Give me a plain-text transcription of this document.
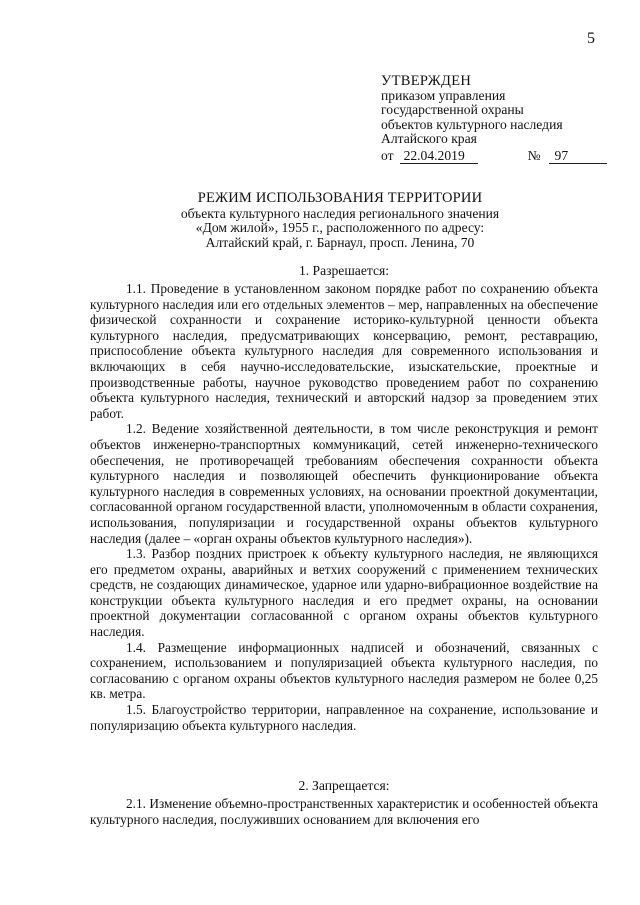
5
УТВЕРЖДЕН
приказом управления
государственной охраны
объектов культурного наследия
Алтайского края
от 22.04.2019	№	97
РЕЖИМ ИСПОЛЬЗОВАНИЯ ТЕРРИТОРИИ
объекта культурного наследия регионального значения
«Дом жилой», 1955 г., расположенного по адресу:
Алтайский край, г. Барнаул, просп. Ленина, 70
1. Разрешается:

1.1. Проведение в установленном законом порядке работ по сохранению объекта культурного наследия или его отдельных элементов – мер, направленных на обеспечение физической сохранности и сохранение историко-культурной ценности объекта культурного наследия, предусматривающих консервацию, ремонт, реставрацию, приспособление объекта культурного наследия для современного использования и включающих в себя научно-исследовательские, изыскательские, проектные и производственные работы, научное руководство проведением работ по сохранению объекта культурного наследия, технический и авторский надзор за проведением этих работ.

1.2. Ведение хозяйственной деятельности, в том числе реконструкция и ремонт объектов инженерно-транспортных коммуникаций, сетей инженерно-технического обеспечения, не противоречащей требованиям обеспечения сохранности объекта культурного наследия и позволяющей обеспечить функционирование объекта культурного наследия в современных условиях, на основании проектной документации, согласованной органом государственной власти, уполномоченным в области сохранения, использования, популяризации и государственной охраны объектов культурного наследия (далее – «орган охраны объектов культурного наследия»).

1.3. Разбор поздних пристроек к объекту культурного наследия, не являющихся его предметом охраны, аварийных и ветхих сооружений с применением технических средств, не создающих динамическое, ударное или ударно-вибрационное воздействие на конструкции объекта культурного наследия и его предмет охраны, на основании проектной документации согласованной с органом охраны объектов культурного наследия.

1.4. Размещение информационных надписей и обозначений, связанных с сохранением, использованием и популяризацией объекта культурного наследия, по согласованию с органом охраны объектов культурного наследия размером не более 0,25 кв. метра.

1.5. Благоустройство территории, направленное на сохранение, использование и популяризацию объекта культурного наследия.

2. Запрещается:

2.1. Изменение объемно-пространственных характеристик и особенностей объекта культурного наследия, послуживших основанием для включения его
